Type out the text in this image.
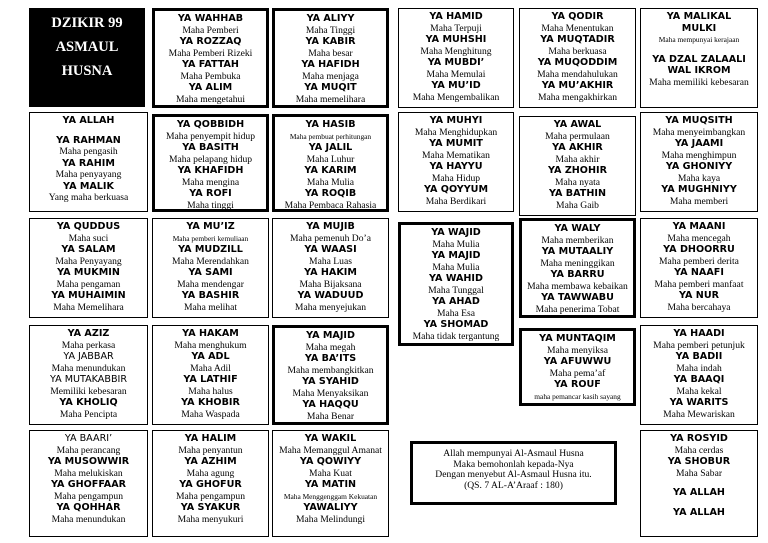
DZIKIR 99
ASMAUL
HUSNA
YA WAHHAB
Maha Pemberi
YA ROZZAQ
Maha Pemberi Rizeki
YA FATTAH
Maha Pembuka
YA ALIM
Maha mengetahui
YA ALIYY
Maha Tinggi
YA KABIR
Maha besar
YA HAFIDH
Maha menjaga
YA MUQIT
Maha memelihara
YA HAMID
Maha Terpuji
YA MUHSHI
Maha Menghitung
YA MUBDI’
Maha Memulai
YA MU’ID
Maha Mengembalikan
YA QODIR
Maha Menentukan
YA MUQTADIR
Maha berkuasa
YA MUQODDIM
Maha mendahulukan
YA MU’AKHIR
Maha mengakhirkan
YA MALIKAL
MULKI
Maha mempunyai kerajaan
YA DZAL ZALAALI
WAL IKROM
Maha memiliki kebesaran
YA ALLAH
YA RAHMAN
Maha pengasih
YA RAHIM
Maha penyayang
YA MALIK
Yang maha berkuasa
YA QOBBIDH
Maha penyempit hidup
YA BASITH
Maha pelapang hidup
YA KHAFIDH
Maha mengina
YA ROFI
Maha tinggi
YA HASIB
Maha pembuat perhitungan
YA JALIL
Maha Luhur
YA KARIM
Maha Mulia
YA ROQIB
Maha Pembaca Rahasia
YA MUHYI
Maha Menghidupkan
YA MUMIT
Maha Mematikan
YA HAYYU
Maha Hidup
YA QOYYUM
Maha Berdikari
YA AWAL
Maha permulaan
YA AKHIR
Maha akhir
YA ZHOHIR
Maha nyata
YA BATHIN
Maha Gaib
YA MUQSITH
Maha menyeimbangkan
YA JAAMI
Maha menghimpun
YA GHONIYY
Maha kaya
YA MUGHNIYY
Maha memberi
YA QUDDUS
Maha suci
YA SALAM
Maha Penyayang
YA MUKMIN
Maha pengaman
YA MUHAIMIN
Maha Memelihara
YA MU’IZ
Maha pemberi kemuliaan
YA MUDZILL
Maha Merendahkan
YA SAMI
Maha mendengar
YA BASHIR
Maha melihat
YA MUJIB
Maha pemenuh Do’a
YA WAASI
Maha Luas
YA HAKIM
Maha Bijaksana
YA WADUUD
Maha menyejukan
YA WAJID
Maha Mulia
YA MAJID
Maha Mulia
YA WAHID
Maha Tunggal
YA AHAD
Maha Esa
YA SHOMAD
Maha tidak tergantung
YA WALY
Maha memberikan
YA MUTAALIY
Maha meninggikan
YA BARRU
Maha membawa kebaikan
YA TAWWABU
Maha penerima Tobat
YA MAANI
Maha mencegah
YA DHOORRU
Maha pemberi derita
YA NAAFI
Maha pemberi manfaat
YA NUR
Maha bercahaya
YA AZIZ
Maha perkasa
YA JABBAR
Maha menundukan
YA MUTAKABBIR
Memiliki kebesaran
YA KHOLIQ
Maha Pencipta
YA HAKAM
Maha menghukum
YA ADL
Maha Adil
YA LATHIF
Maha halus
YA KHOBIR
Maha Waspada
YA MAJID
Maha megah
YA BA’ITS
Maha membangkitkan
YA SYAHID
Maha Menyaksikan
YA HAQQU
Maha Benar
YA MUNTAQIM
Maha menyiksa
YA AFUWWU
Maha pema’af
YA ROUF
maha pemancar kasih sayang
YA HAADI
Maha pemberi petunjuk
YA BADII
Maha indah
YA BAAQI
Maha kekal
YA WARITS
Maha Mewariskan
YA BAARI’
Maha perancang
YA MUSOWWIR
Maha melukiskan
YA GHOFFAAR
Maha pengampun
YA QOHHAR
Maha menundukan
YA HALIM
Maha penyantun
YA AZHIM
Maha agung
YA GHOFUR
Maha pengampun
YA SYAKUR
Maha menyukuri
YA WAKIL
Maha Memanggul Amanat
YA QOWIYY
Maha Kuat
YA MATIN
Maha Menggenggam Kekuatan
YAWALIYY
Maha Melindungi
YA ROSYID
Maha cerdas
YA SHOBUR
Maha Sabar
YA ALLAH
YA ALLAH
Allah mempunyai Al-Asmaul Husna
Maka bemohonlah kepada-Nya
Dengan menyebut Al-Asmaul Husna itu.
(QS. 7 AL-A’Araaf : 180)
